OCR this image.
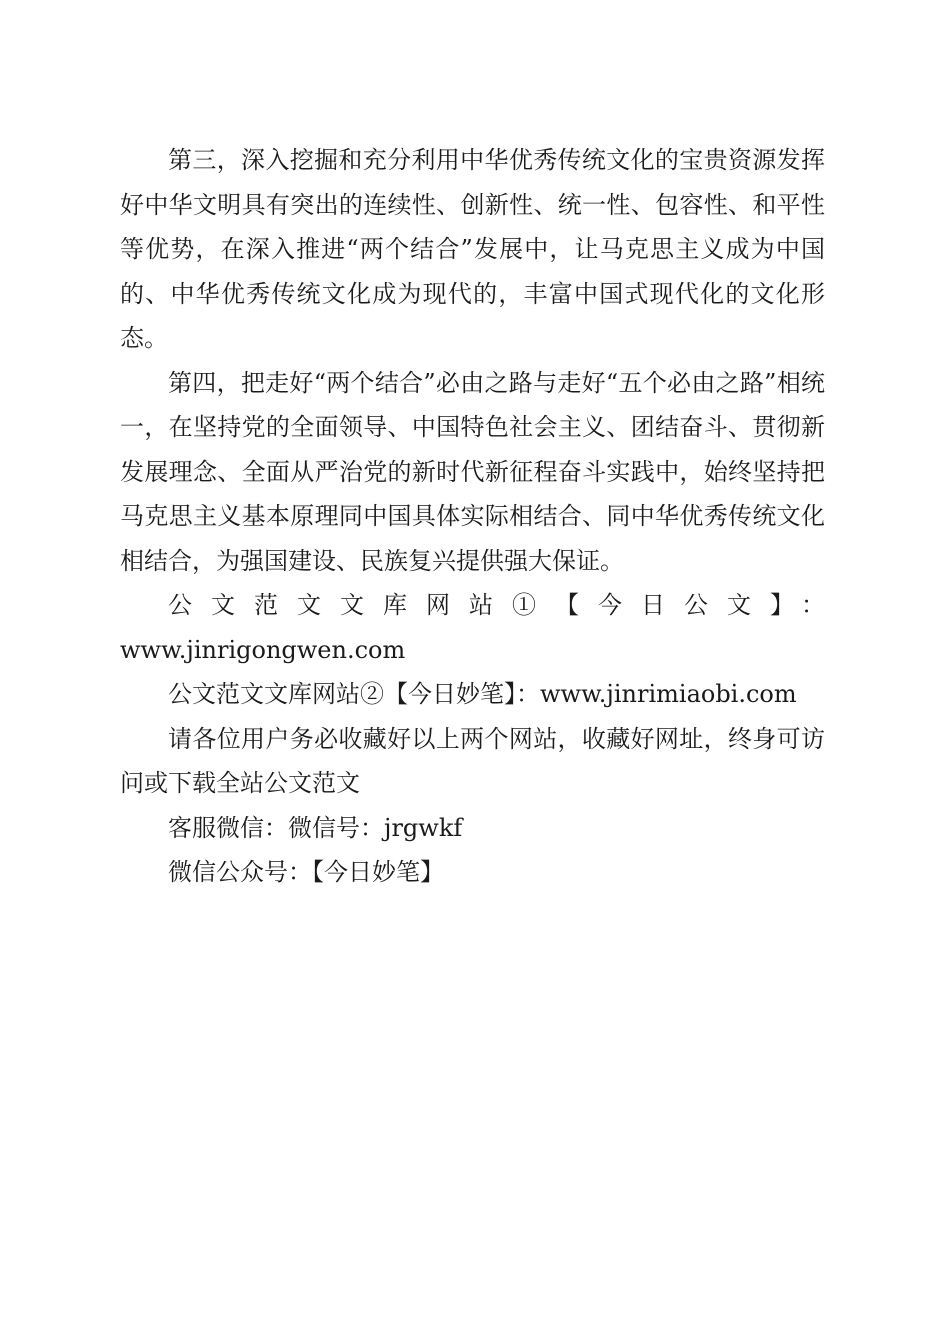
第三，深入挖掘和充分利用中华优秀传统文化的宝贵资源发挥好中华文明具有突出的连续性、创新性、统一性、包容性、和平性等优势，在深入推进“两个结合”发展中，让马克思主义成为中国的、中华优秀传统文化成为现代的，丰富中国式现代化的文化形态。

第四，把走好“两个结合”必由之路与走好“五个必由之路”相统一，在坚持党的全面领导、中国特色社会主义、团结奋斗、贯彻新发展理念、全面从严治党的新时代新征程奋斗实践中，始终坚持把马克思主义基本原理同中国具体实际相结合、同中华优秀传统文化相结合，为强国建设、民族复兴提供强大保证。

公文范文文库网站①【今日公文】：

www.jinrigongwen.com

公文范文文库网站②【今日妙笔】：www.jinrimiaobi.com

请各位用户务必收藏好以上两个网站，收藏好网址，终身可访问或下载全站公文范文

客服微信：微信号：jrgwkf

微信公众号：【今日妙笔】
